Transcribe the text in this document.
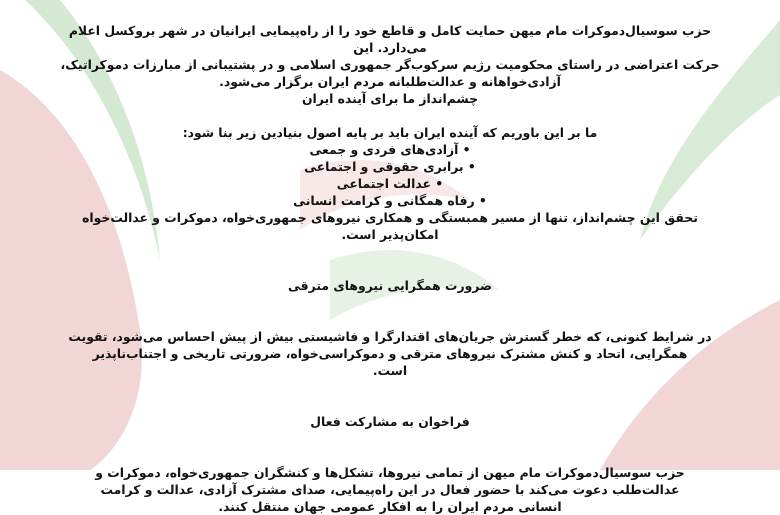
حزب سوسیال‌دموکرات مام میهن حمایت کامل و قاطع خود را از راه‌پیمایی ایرانیان در شهر بروکسل اعلام می‌دارد. این

حرکت اعتراضی در راستای محکومیت رژیم سرکوب‌گر جمهوری اسلامی و در پشتیبانی از مبارزات دموکراتیک،

آزادی‌خواهانه و عدالت‌طلبانه مردم ایران برگزار می‌شود.

چشم‌انداز ما برای آینده ایران

ما بر این باوریم که آینده ایران باید بر پایه اصول بنیادین زیر بنا شود:

• آزادی‌های فردی و جمعی
• برابری حقوقی و اجتماعی
• عدالت اجتماعی
• رفاه همگانی و کرامت انسانی

تحقق این چشم‌انداز، تنها از مسیر همبستگی و همکاری نیروهای جمهوری‌خواه، دموکرات و عدالت‌خواه امکان‌پذیر است.

ضرورت همگرایی نیروهای مترقی

در شرایط کنونی، که خطر گسترش جریان‌های اقتدارگرا و فاشیستی بیش از پیش احساس می‌شود، تقویت

همگرایی، اتحاد و کنش مشترک نیروهای مترقی و دموکراسی‌خواه، ضرورتی تاریخی و اجتناب‌ناپذیر

است.

فراخوان به مشارکت فعال

حزب سوسیال‌دموکرات مام میهن از تمامی نیروها، تشکل‌ها و کنشگران جمهوری‌خواه، دموکرات و

عدالت‌طلب دعوت می‌کند با حضور فعال در این راه‌پیمایی، صدای مشترک آزادی، عدالت و کرامت

انسانی مردم ایران را به افکار عمومی جهان منتقل کنند.
